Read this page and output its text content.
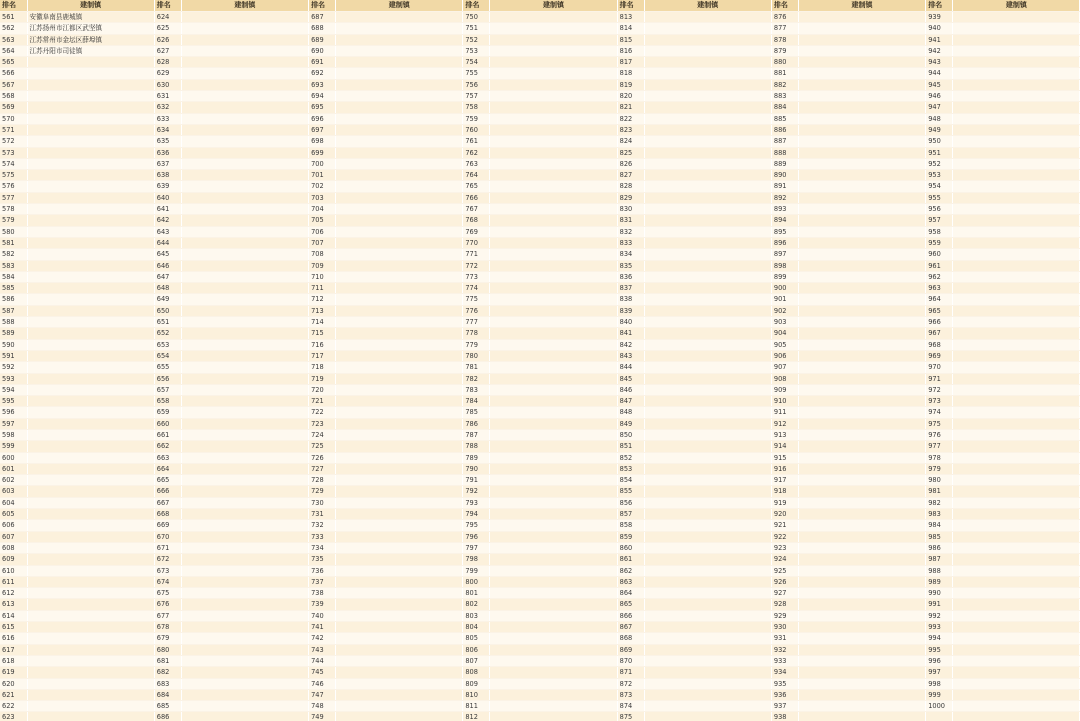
排名	建制镇	排名	建制镇	排名	建制镇	排名	建制镇	排名	建制镇	排名	建制镇	排名	建制镇
561	安徽阜南县鹿城镇	624		687		750		813		876		939	
562	江苏扬州市江都区武坚镇	625		688		751		814		877		940	
563	江苏常州市金坛区薛埠镇	626		689		752		815		878		941	
564	江苏丹阳市司徒镇	627		690		753		816		879		942	
565		628		691		754		817		880		943	
566		629		692		755		818		881		944	
567		630		693		756		819		882		945	
568		631		694		757		820		883		946	
569		632		695		758		821		884		947	
570		633		696		759		822		885		948	
571		634		697		760		823		886		949	
572		635		698		761		824		887		950	
573		636		699		762		825		888		951	
574		637		700		763		826		889		952	
575		638		701		764		827		890		953	
576		639		702		765		828		891		954	
577		640		703		766		829		892		955	
578		641		704		767		830		893		956	
579		642		705		768		831		894		957	
580		643		706		769		832		895		958	
581		644		707		770		833		896		959	
582		645		708		771		834		897		960	
583		646		709		772		835		898		961	
584		647		710		773		836		899		962	
585		648		711		774		837		900		963	
586		649		712		775		838		901		964	
587		650		713		776		839		902		965	
588		651		714		777		840		903		966	
589		652		715		778		841		904		967	
590		653		716		779		842		905		968	
591		654		717		780		843		906		969	
592		655		718		781		844		907		970	
593		656		719		782		845		908		971	
594		657		720		783		846		909		972	
595		658		721		784		847		910		973	
596		659		722		785		848		911		974	
597		660		723		786		849		912		975	
598		661		724		787		850		913		976	
599		662		725		788		851		914		977	
600		663		726		789		852		915		978	
601		664		727		790		853		916		979	
602		665		728		791		854		917		980	
603		666		729		792		855		918		981	
604		667		730		793		856		919		982	
605		668		731		794		857		920		983	
606		669		732		795		858		921		984	
607		670		733		796		859		922		985	
608		671		734		797		860		923		986	
609		672		735		798		861		924		987	
610		673		736		799		862		925		988	
611		674		737		800		863		926		989	
612		675		738		801		864		927		990	
613		676		739		802		865		928		991	
614		677		740		803		866		929		992	
615		678		741		804		867		930		993	
616		679		742		805		868		931		994	
617		680		743		806		869		932		995	
618		681		744		807		870		933		996	
619		682		745		808		871		934		997	
620		683		746		809		872		935		998	
621		684		747		810		873		936		999	
622		685		748		811		874		937		1000	
623		686		749		812		875		938			
